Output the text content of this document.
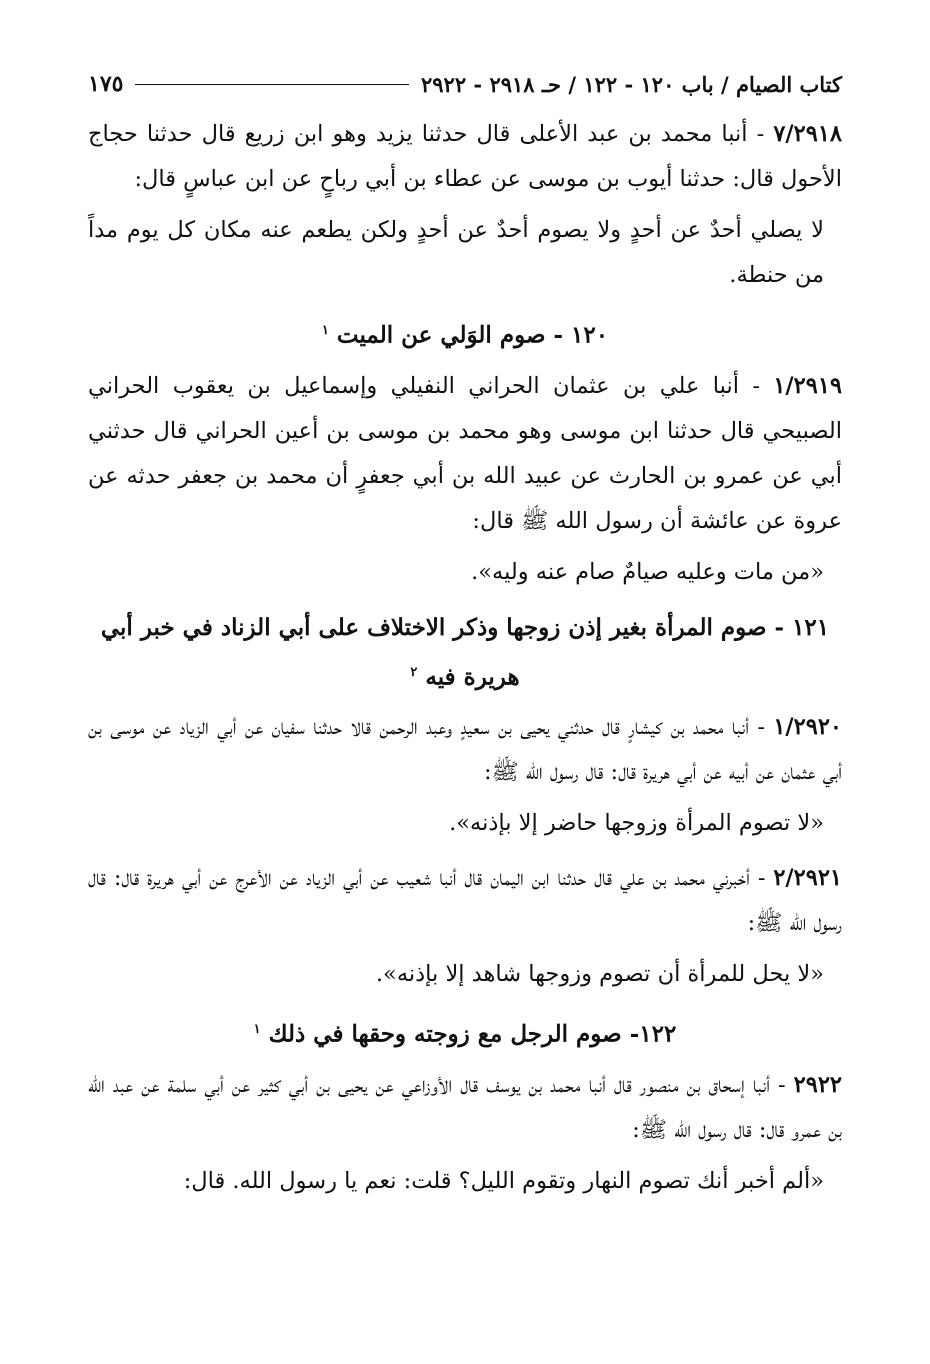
كتاب الصيام / باب ١٢٠ - ١٢٢ / حـ ٢٩١٨ - ٢٩٢٢
١٧٥

٧/٢٩١٨ - أنبا محمد بن عبد الأعلى قال حدثنا يزيد وهو ابن زريع قال حدثنا حجاج الأحول قال: حدثنا أيوب بن موسى عن عطاء بن أبي رباحٍ عن ابن عباسٍ قال:

لا يصلي أحدٌ عن أحدٍ ولا يصوم أحدٌ عن أحدٍ ولكن يطعم عنه مكان كل يوم مداً من حنطة.

١٢٠ - صوم الوَلي عن الميت $^١$

١/٢٩١٩ - أنبا علي بن عثمان الحراني النفيلي وإسماعيل بن يعقوب الحراني الصبيحي قال حدثنا ابن موسى وهو محمد بن موسى بن أعين الحراني قال حدثني أبي عن عمرو بن الحارث عن عبيد الله بن أبي جعفرٍ أن محمد بن جعفر حدثه عن عروة عن عائشة أن رسول الله ﷺ قال:

«من مات وعليه صيامٌ صام عنه وليه».

١٢١ - صوم المرأة بغير إذن زوجها وذكر الاختلاف على أبي الزناد في خبر أبي هريرة فيه $^٢$

١/٢٩٢٠ - أنبا محمد بن كيشارٍ قال حدثني يحيى بن سعيدٍ وعبد الرحمن قالا حدثنا سفيان عن أبي الزياد عن موسى بن أبي عثمان عن أبيه عن أبي هريرة قال: قال رسول الله ﷺ:

«لا تصوم المرأة وزوجها حاضر إلا بإذنه».

٢/٢٩٢١ - أخبرني محمد بن علي قال حدثنا ابن اليمان قال أنبا شعيب عن أبي الزياد عن الأعرج عن أبي هريرة قال: قال رسول الله ﷺ:

«لا يحل للمرأة أن تصوم وزوجها شاهد إلا بإذنه».

١٢٢- صوم الرجل مع زوجته وحقها في ذلك $^١$

٢٩٢٢ - أنبا إسحاق بن منصور قال أنبا محمد بن يوسف قال الأوزاعي عن يحيى بن أبي كثير عن أبي سلمة عن عبد الله بن عمرو قال: قال رسول الله ﷺ:

«ألم أخبر أنك تصوم النهار وتقوم الليل؟ قلت: نعم يا رسول الله. قال:
